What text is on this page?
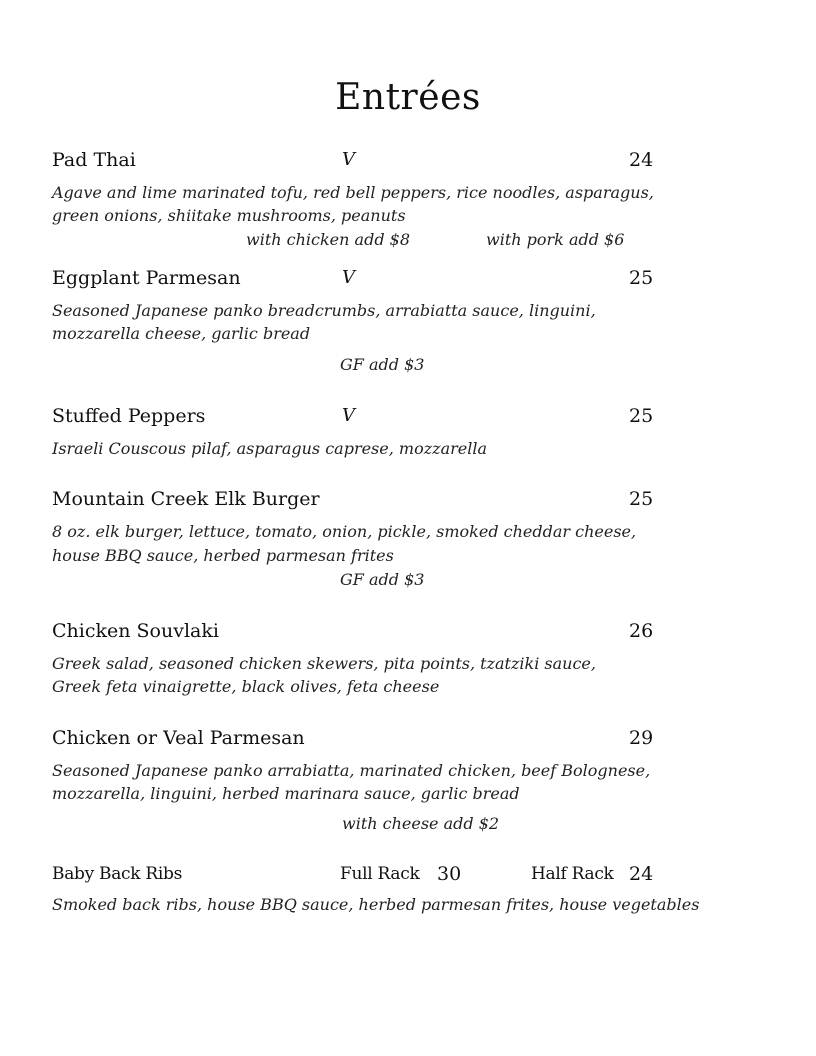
Entrées
Pad Thai	V	24
Agave and lime marinated tofu, red bell peppers, rice noodles, asparagus,
green onions, shiitake mushrooms, peanuts
with chicken add $8	with pork add $6
Eggplant Parmesan	V	25
Seasoned Japanese panko breadcrumbs, arrabiatta sauce, linguini,
mozzarella cheese, garlic bread
GF add $3
Stuffed Peppers	V	25
Israeli Couscous pilaf, asparagus caprese, mozzarella
Mountain Creek Elk Burger	25
8 oz. elk burger, lettuce, tomato, onion, pickle, smoked cheddar cheese,
house BBQ sauce, herbed parmesan frites
GF add $3
Chicken Souvlaki	26
Greek salad, seasoned chicken skewers, pita points, tzatziki sauce,
Greek feta vinaigrette, black olives, feta cheese
Chicken or Veal Parmesan	29
Seasoned Japanese panko arrabiatta, marinated chicken, beef Bolognese,
mozzarella, linguini, herbed marinara sauce, garlic bread
with cheese add $2
Baby Back Ribs	Full Rack 30	Half Rack 24
Smoked back ribs, house BBQ sauce, herbed parmesan frites, house vegetables
